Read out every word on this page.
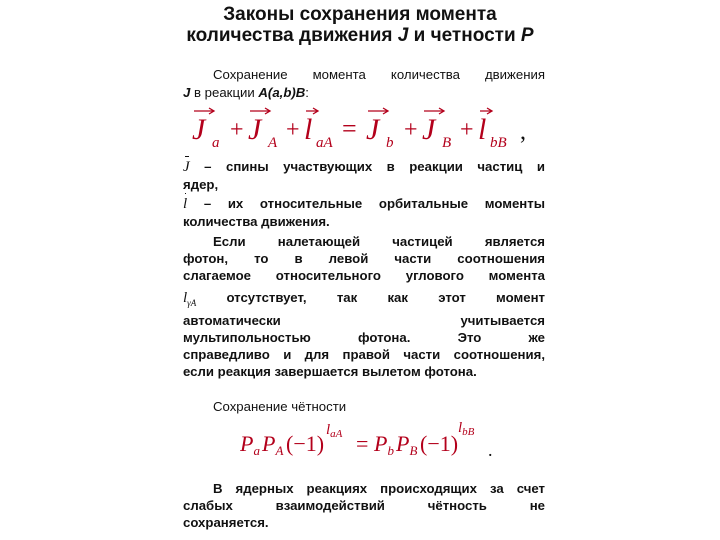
Законы сохранения момента
количества движения J и четности P
Сохранение момента количества движения
J в реакции A(a,b)B:
J a + J A + l aA = J b + J B + l bB ,
J – спины участвующих в реакции частиц и
ядер,
l – их относительные орбитальные моменты
количества движения.
Если налетающей частицей является
фотон, то в левой части соотношения
слагаемое относительного углового момента
$l_{\gamma A}$ отсутствует, так как этот момент
автоматически	учитывается
мультипольностью фотона. Это же
справедливо и для правой части соотношения,
если реакция завершается вылетом фотона.
Сохранение чётности
Pa PA (−1)
$l_{aA} = Pb$ PB (−1)
$l_{bB}$
.
В ядерных реакциях происходящих за счет
слабых взаимодействий чётность не
сохраняется.
